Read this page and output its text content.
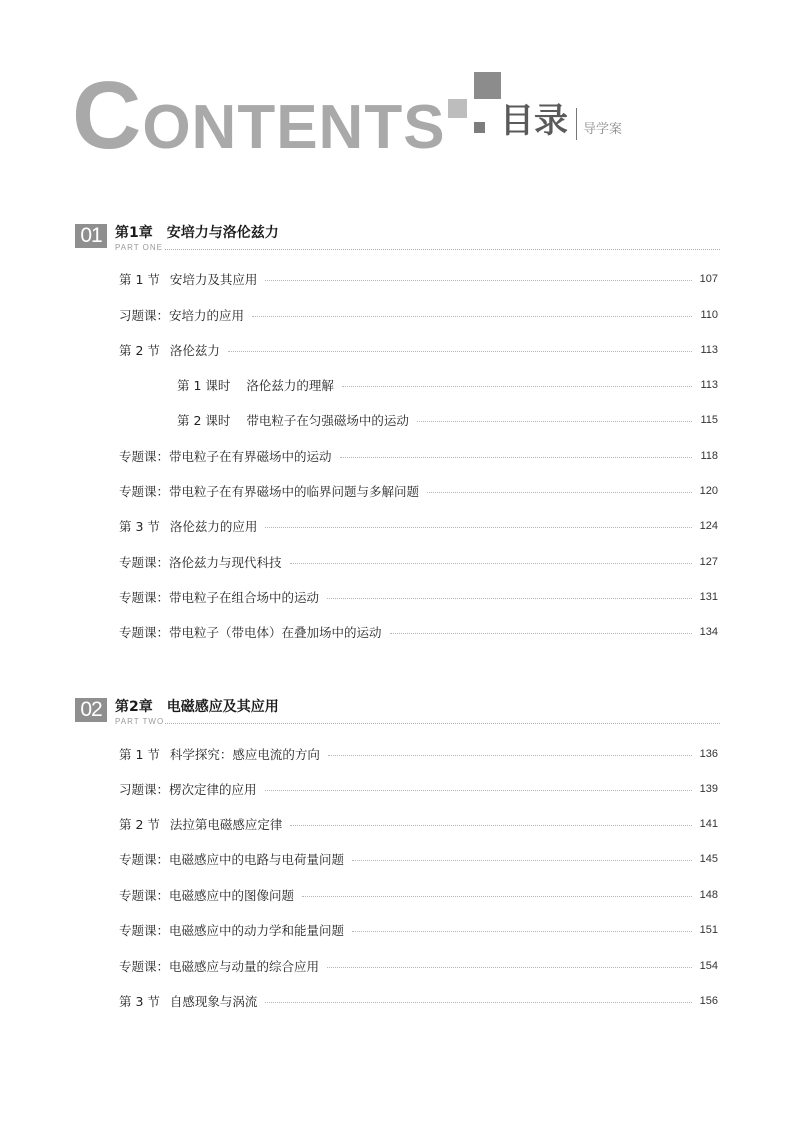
CONTENTS 目录 导学案
01 第1章　安培力与洛伦兹力
PART ONE
第 1 节 安培力及其应用	107
习题课：安培力的应用	110
第 2 节 洛伦兹力	113
第 1 课时 洛伦兹力的理解	113
第 2 课时 带电粒子在匀强磁场中的运动	115
专题课：带电粒子在有界磁场中的运动	118
专题课：带电粒子在有界磁场中的临界问题与多解问题	120
第 3 节 洛伦兹力的应用	124
专题课：洛伦兹力与现代科技	127
专题课：带电粒子在组合场中的运动	131
专题课：带电粒子（带电体）在叠加场中的运动	134
02 第2章　电磁感应及其应用
PART TWO
第 1 节 科学探究：感应电流的方向	136
习题课：楞次定律的应用	139
第 2 节 法拉第电磁感应定律	141
专题课：电磁感应中的电路与电荷量问题	145
专题课：电磁感应中的图像问题	148
专题课：电磁感应中的动力学和能量问题	151
专题课：电磁感应与动量的综合应用	154
第 3 节 自感现象与涡流	156
